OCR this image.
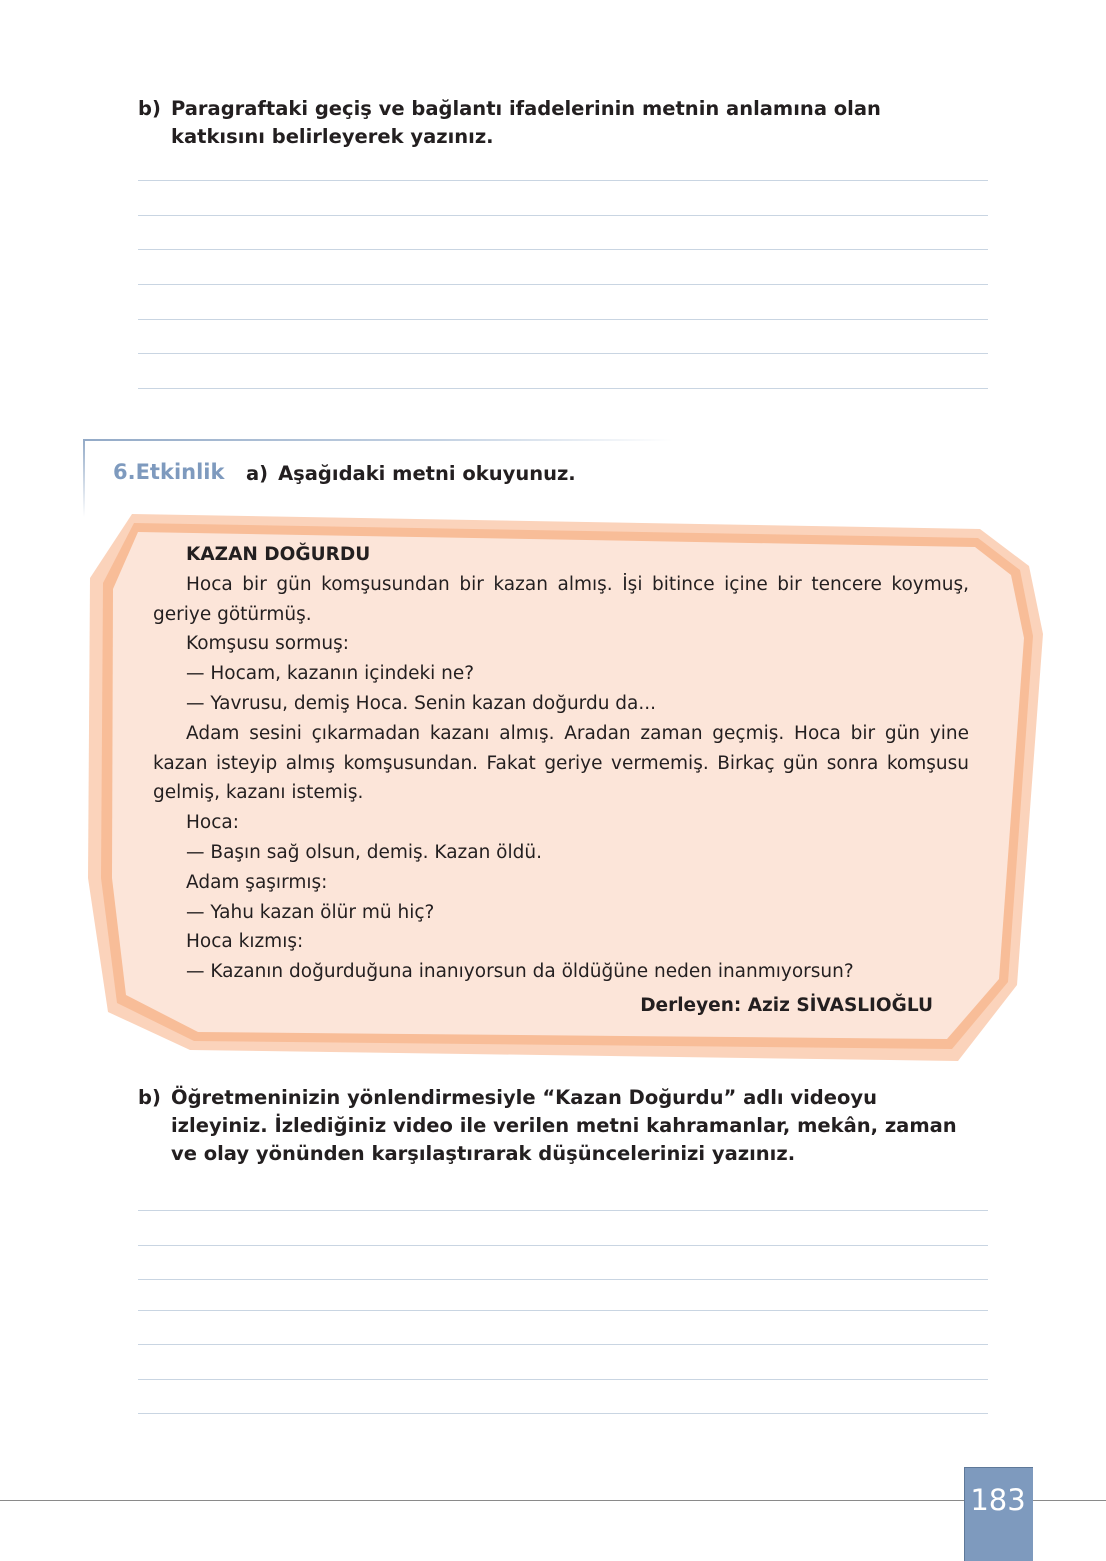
b) Paragraftaki geçiş ve bağlantı ifadelerinin metnin anlamına olan katkısını belirleyerek yazınız.
6.Etkinlik a) Aşağıdaki metni okuyunuz.

KAZAN DOĞURDU

Hoca bir gün komşusundan bir kazan almış. İşi bitince içine bir tencere koymuş, geriye götürmüş.

Komşusu sormuş:

— Hocam, kazanın içindeki ne?

— Yavrusu, demiş Hoca. Senin kazan doğurdu da...

Adam sesini çıkarmadan kazanı almış. Aradan zaman geçmiş. Hoca bir gün yine kazan isteyip almış komşusundan. Fakat geriye vermemiş. Birkaç gün sonra komşusu gelmiş, kazanı istemiş.

Hoca:

— Başın sağ olsun, demiş. Kazan öldü.

Adam şaşırmış:

— Yahu kazan ölür mü hiç?

Hoca kızmış:

— Kazanın doğurduğuna inanıyorsun da öldüğüne neden inanmıyorsun?

Derleyen: Aziz SİVASLIOĞLU

b) Öğretmeninizin yönlendirmesiyle “Kazan Doğurdu” adlı videoyu izleyiniz. İzlediğiniz video ile verilen metni kahramanlar, mekân, zaman ve olay yönünden karşılaştırarak düşüncelerinizi yazınız.
183
